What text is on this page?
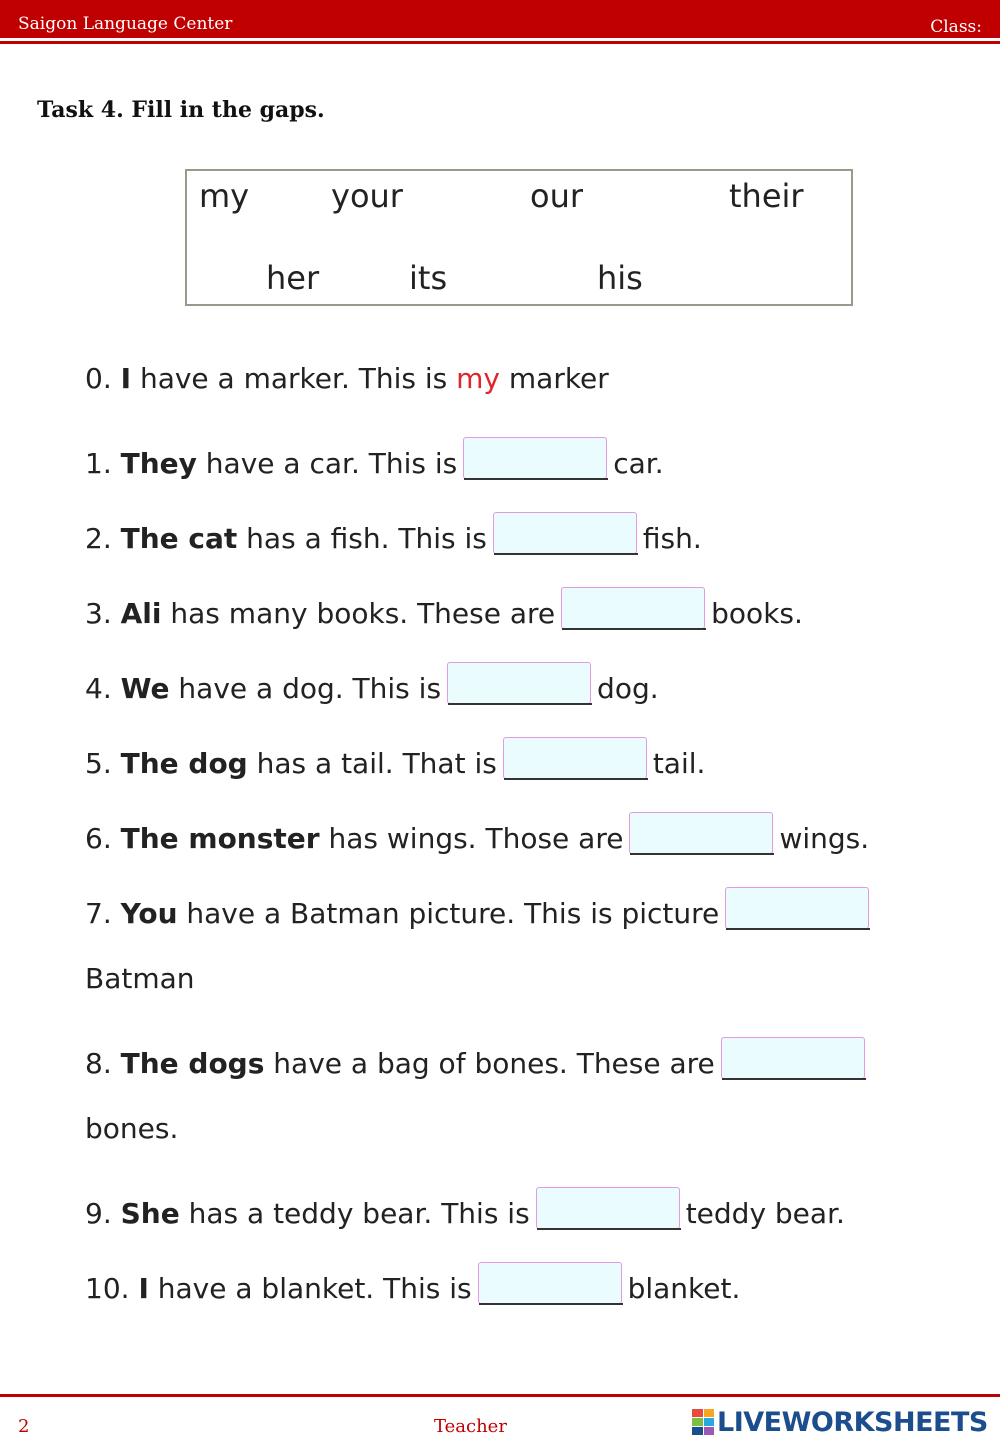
Saigon Language Center	Class:
Task 4. Fill in the gaps.
my	your	our	their
her	its	his
0. I have a marker. This is my marker
1. They have a car. This is	car.
2. The cat has a fish. This is	fish.
3. Ali has many books. These are	books.
4. We have a dog. This is	dog.
5. The dog has a tail. That is	tail.
6. The monster has wings. Those are	wings.
7. You have a Batman picture. This is picture
Batman
8. The dogs have a bag of bones. These are
bones.
9. She has a teddy bear. This is	teddy bear.
10. I have a blanket. This is	blanket.
2	Teacher	LIVEWORKSHEETS
